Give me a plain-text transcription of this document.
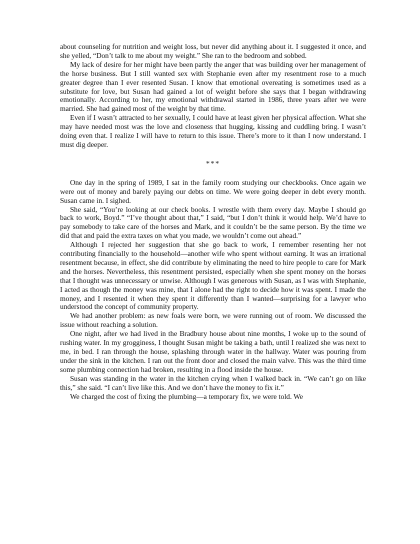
about counseling for nutrition and weight loss, but never did anything about it. I suggested it once, and she yelled, “Don’t talk to me about my weight.” She ran to the bedroom and sobbed.

My lack of desire for her might have been partly the anger that was building over her management of the horse business. But I still wanted sex with Stephanie even after my resentment rose to a much greater degree than I ever resented Susan. I know that emotional overeating is sometimes used as a substitute for love, but Susan had gained a lot of weight before she says that I began withdrawing emotionally. According to her, my emotional withdrawal started in 1986, three years after we were married. She had gained most of the weight by that time.

Even if I wasn’t attracted to her sexually, I could have at least given her physical affection. What she may have needed most was the love and closeness that hugging, kissing and cuddling bring. I wasn’t doing even that. I realize I will have to return to this issue. There’s more to it than I now understand. I must dig deeper.

***

One day in the spring of 1989, I sat in the family room studying our checkbooks. Once again we were out of money and barely paying our debts on time. We were going deeper in debt every month. Susan came in. I sighed.

She said, “You’re looking at our check books. I wrestle with them every day. Maybe I should go back to work, Boyd.” “I’ve thought about that,” I said, “but I don’t think it would help. We’d have to pay somebody to take care of the horses and Mark, and it couldn’t be the same person. By the time we did that and paid the extra taxes on what you made, we wouldn’t come out ahead.”

Although I rejected her suggestion that she go back to work, I remember resenting her not contributing financially to the household—another wife who spent without earning. It was an irrational resentment because, in effect, she did contribute by eliminating the need to hire people to care for Mark and the horses. Nevertheless, this resentment persisted, especially when she spent money on the horses that I thought was unnecessary or unwise. Although I was generous with Susan, as I was with Stephanie, I acted as though the money was mine, that I alone had the right to decide how it was spent. I made the money, and I resented it when they spent it differently than I wanted—surprising for a lawyer who understood the concept of community property.

We had another problem: as new foals were born, we were running out of room. We discussed the issue without reaching a solution.

One night, after we had lived in the Bradbury house about nine months, I woke up to the sound of rushing water. In my grogginess, I thought Susan might be taking a bath, until I realized she was next to me, in bed. I ran through the house, splashing through water in the hallway. Water was pouring from under the sink in the kitchen. I ran out the front door and closed the main valve. This was the third time some plumbing connection had broken, resulting in a flood inside the house.

Susan was standing in the water in the kitchen crying when I walked back in. “We can’t go on like this,” she said. “I can’t live like this. And we don’t have the money to fix it.”

We charged the cost of fixing the plumbing—a temporary fix, we were told. We
